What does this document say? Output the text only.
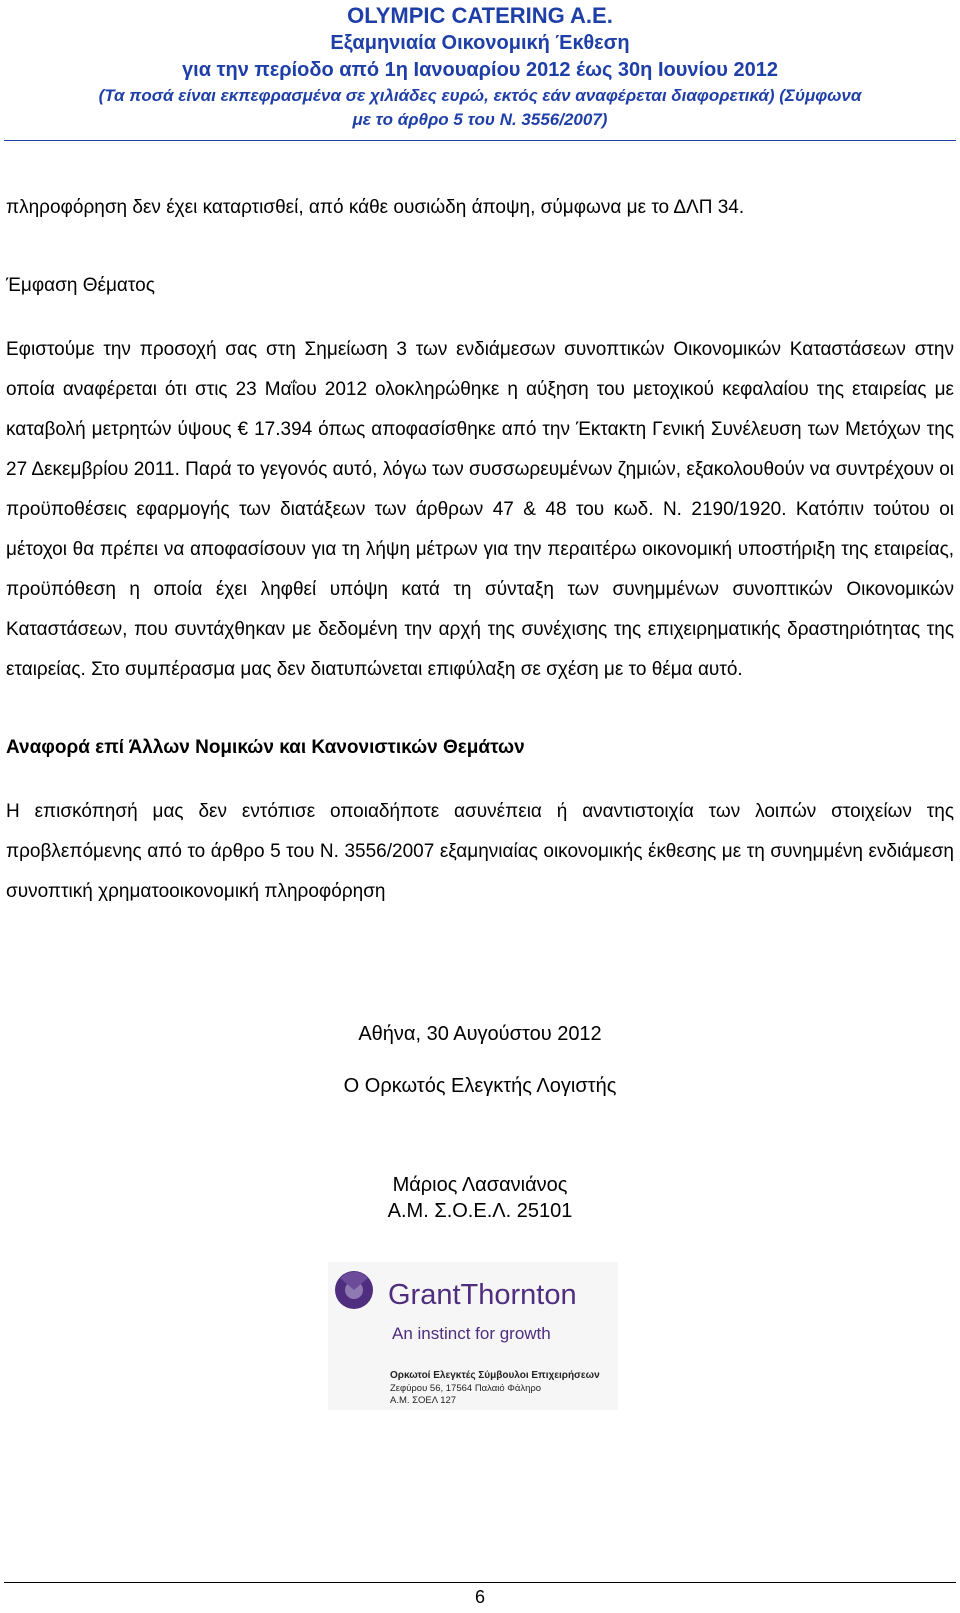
OLYMPIC CATERING A.E.
Εξαμηνιαία Οικονομική Έκθεση
για την περίοδο από 1η Ιανουαρίου 2012 έως 30η Ιουνίου 2012
(Τα ποσά είναι εκπεφρασμένα σε χιλιάδες ευρώ, εκτός εάν αναφέρεται διαφορετικά) (Σύμφωνα
με το άρθρο 5 του Ν. 3556/2007)

πληροφόρηση δεν έχει καταρτισθεί, από κάθε ουσιώδη άποψη, σύμφωνα με το ΔΛΠ 34.

Έμφαση Θέματος

Εφιστούμε την προσοχή σας στη Σημείωση 3 των ενδιάμεσων συνοπτικών Οικονομικών Καταστάσεων στην οποία αναφέρεται ότι στις 23 Μαΐου 2012 ολοκληρώθηκε η αύξηση του μετοχικού κεφαλαίου της εταιρείας με καταβολή μετρητών ύψους € 17.394 όπως αποφασίσθηκε από την Έκτακτη Γενική Συνέλευση των Μετόχων της 27 Δεκεμβρίου 2011. Παρά το γεγονός αυτό, λόγω των συσσωρευμένων ζημιών, εξακολουθούν να συντρέχουν οι προϋποθέσεις εφαρμογής των διατάξεων των άρθρων 47 & 48 του κωδ. Ν. 2190/1920. Κατόπιν τούτου οι μέτοχοι θα πρέπει να αποφασίσουν για τη λήψη μέτρων για την περαιτέρω οικονομική υποστήριξη της εταιρείας, προϋπόθεση η οποία έχει ληφθεί υπόψη κατά τη σύνταξη των συνημμένων συνοπτικών Οικονομικών Καταστάσεων, που συντάχθηκαν με δεδομένη την αρχή της συνέχισης της επιχειρηματικής δραστηριότητας της εταιρείας. Στο συμπέρασμα μας δεν διατυπώνεται επιφύλαξη σε σχέση με το θέμα αυτό.

Αναφορά επί Άλλων Νομικών και Κανονιστικών Θεμάτων

Η επισκόπησή μας δεν εντόπισε οποιαδήποτε ασυνέπεια ή αναντιστοιχία των λοιπών στοιχείων της προβλεπόμενης από το άρθρο 5 του Ν. 3556/2007 εξαμηνιαίας οικονομικής έκθεσης με τη συνημμένη ενδιάμεση συνοπτική χρηματοοικονομική πληροφόρηση

Αθήνα, 30 Αυγούστου 2012
Ο Ορκωτός Ελεγκτής Λογιστής
Μάριος Λασανιάνος
Α.Μ. Σ.Ο.Ε.Λ. 25101
GrantThornton
An instinct for growth
Ορκωτοί Ελεγκτές Σύμβουλοι Επιχειρήσεων
Ζεφύρου 56, 17564 Παλαιό Φάληρο
Α.Μ. ΣΟΕΛ 127
6
